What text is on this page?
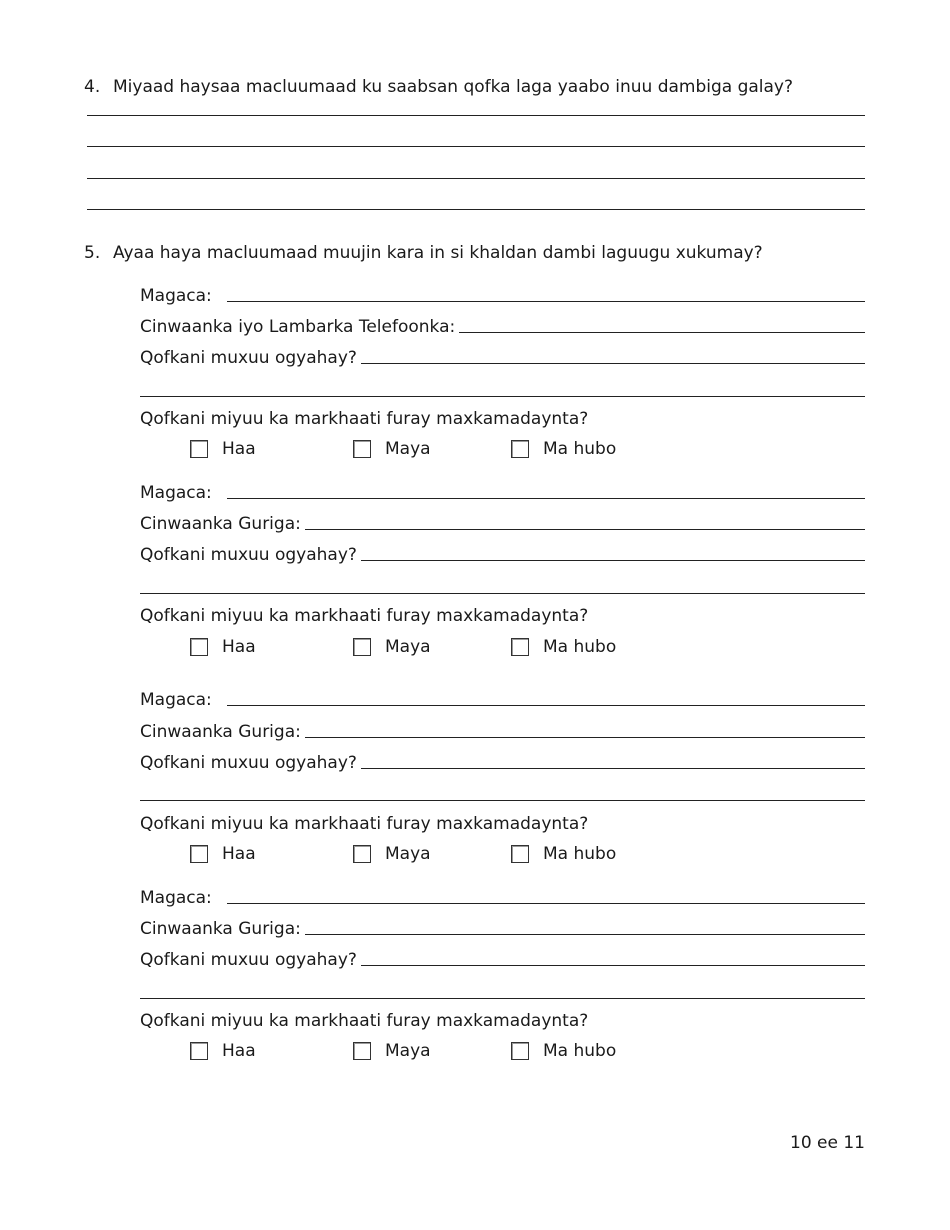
4. Miyaad haysaa macluumaad ku saabsan qofka laga yaabo inuu dambiga galay?
5. Ayaa haya macluumaad muujin kara in si khaldan dambi laguugu xukumay?
Magaca:
Cinwaanka iyo Lambarka Telefoonka:
Qofkani muxuu ogyahay?
Qofkani miyuu ka markhaati furay maxkamadaynta?
Haa	Maya	Ma hubo
Magaca:
Cinwaanka Guriga:
Qofkani muxuu ogyahay?
Qofkani miyuu ka markhaati furay maxkamadaynta?
Haa	Maya	Ma hubo
Magaca:
Cinwaanka Guriga:
Qofkani muxuu ogyahay?
Qofkani miyuu ka markhaati furay maxkamadaynta?
Haa	Maya	Ma hubo
Magaca:
Cinwaanka Guriga:
Qofkani muxuu ogyahay?
Qofkani miyuu ka markhaati furay maxkamadaynta?
Haa	Maya	Ma hubo
10 ee 11
